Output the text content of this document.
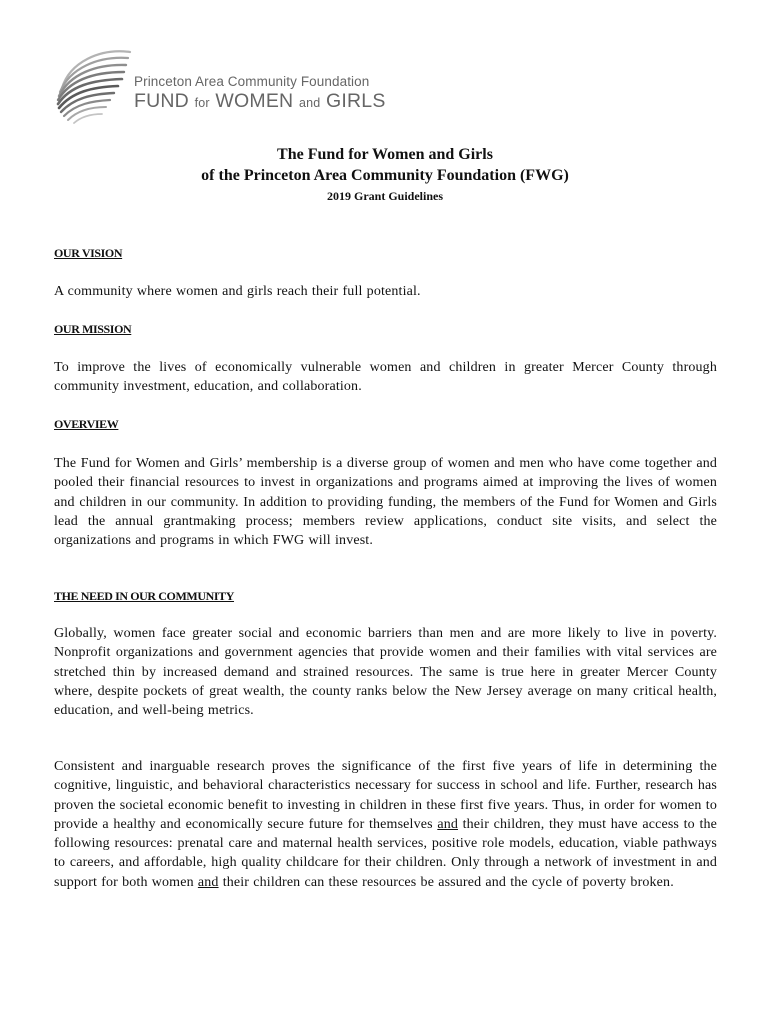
Princeton Area Community Foundation
FUND for WOMEN and GIRLS
The Fund for Women and Girls
of the Princeton Area Community Foundation (FWG)
2019 Grant Guidelines
OUR VISION
A community where women and girls reach their full potential.
OUR MISSION
To improve the lives of economically vulnerable women and children in greater Mercer County through community investment, education, and collaboration.
OVERVIEW
The Fund for Women and Girls’ membership is a diverse group of women and men who have come together and pooled their financial resources to invest in organizations and programs aimed at improving the lives of women and children in our community. In addition to providing funding, the members of the Fund for Women and Girls lead the annual grantmaking process; members review applications, conduct site visits, and select the organizations and programs in which FWG will invest.
THE NEED IN OUR COMMUNITY
Globally, women face greater social and economic barriers than men and are more likely to live in poverty. Nonprofit organizations and government agencies that provide women and their families with vital services are stretched thin by increased demand and strained resources. The same is true here in greater Mercer County where, despite pockets of great wealth, the county ranks below the New Jersey average on many critical health, education, and well-being metrics.
Consistent and inarguable research proves the significance of the first five years of life in determining the cognitive, linguistic, and behavioral characteristics necessary for success in school and life. Further, research has proven the societal economic benefit to investing in children in these first five years. Thus, in order for women to provide a healthy and economically secure future for themselves and their children, they must have access to the following resources: prenatal care and maternal health services, positive role models, education, viable pathways to careers, and affordable, high quality childcare for their children. Only through a network of investment in and support for both women and their children can these resources be assured and the cycle of poverty broken.
